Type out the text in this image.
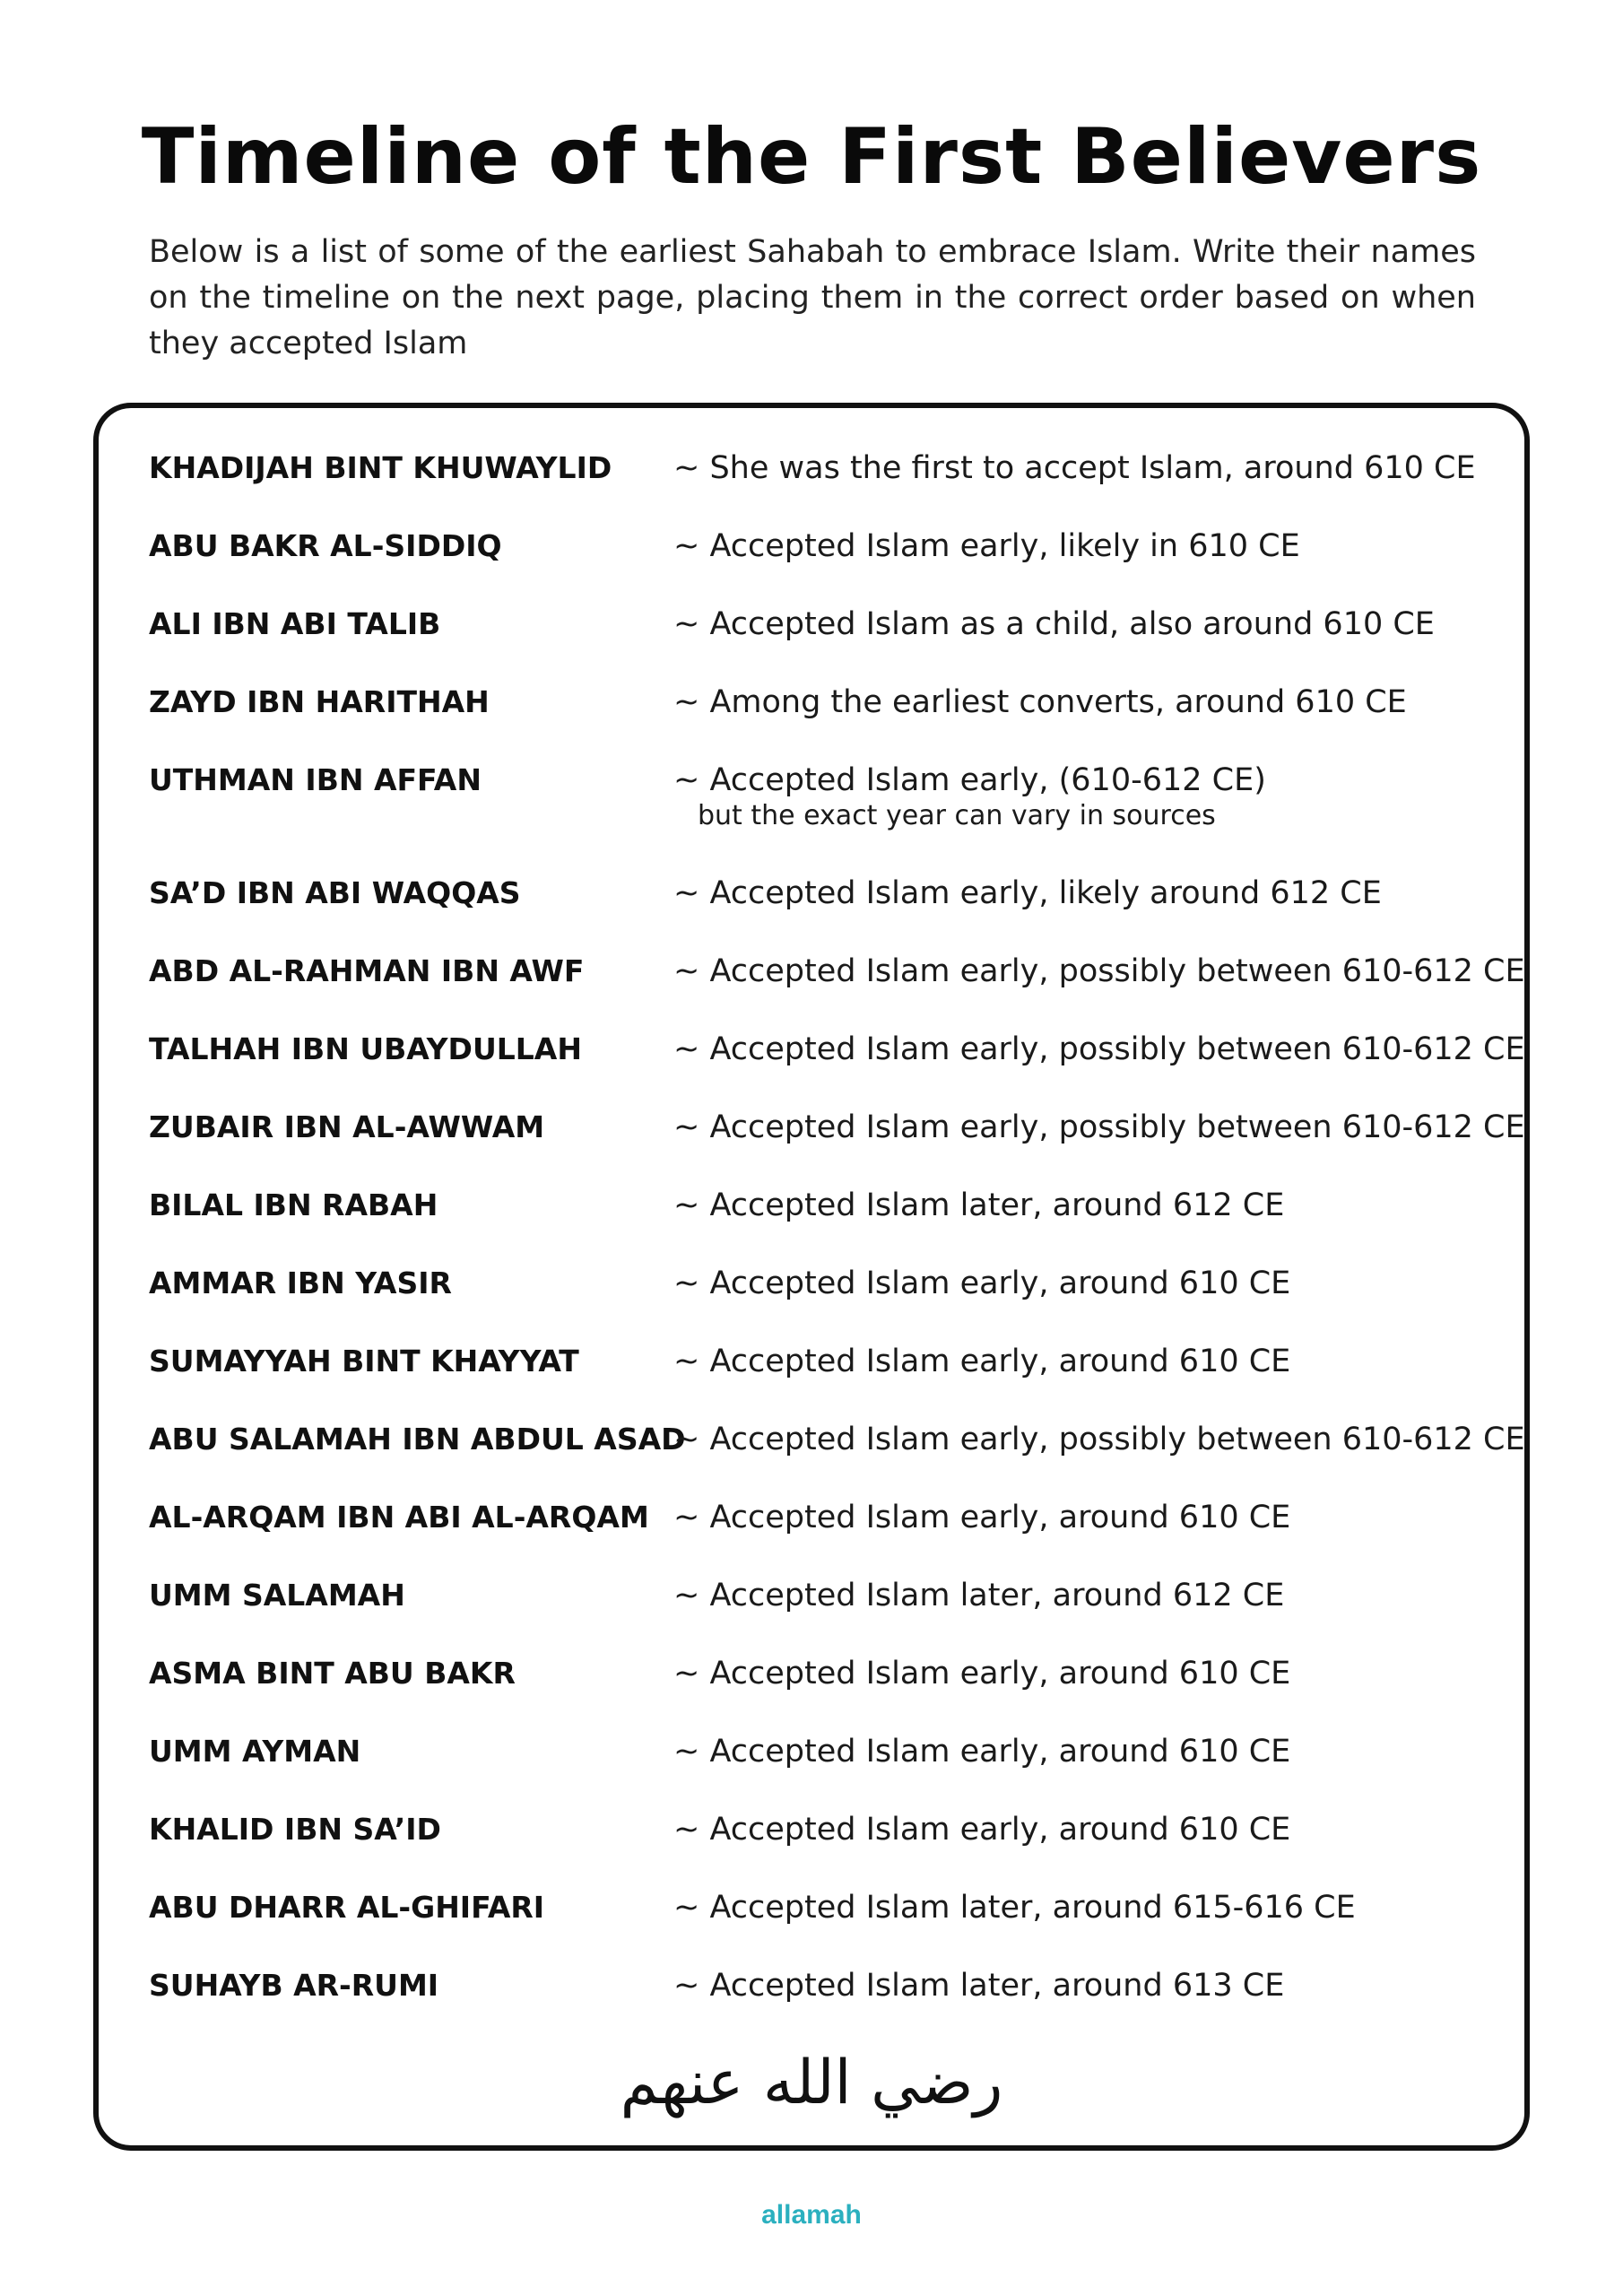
Timeline of the First Believers
Below is a list of some of the earliest Sahabah to embrace Islam. Write their names on the timeline on the next page, placing them in the correct order based on when they accepted Islam
KHADIJAH BINT KHUWAYLID	~ She was the first to accept Islam, around 610 CE
ABU BAKR AL-SIDDIQ	~ Accepted Islam early, likely in 610 CE
ALI IBN ABI TALIB	~ Accepted Islam as a child, also around 610 CE
ZAYD IBN HARITHAH	~ Among the earliest converts, around 610 CE
UTHMAN IBN AFFAN	~ Accepted Islam early, (610-612 CE)
but the exact year can vary in sources
SA’D IBN ABI WAQQAS	~ Accepted Islam early, likely around 612 CE
ABD AL-RAHMAN IBN AWF	~ Accepted Islam early, possibly between 610-612 CE
TALHAH IBN UBAYDULLAH	~ Accepted Islam early, possibly between 610-612 CE
ZUBAIR IBN AL-AWWAM	~ Accepted Islam early, possibly between 610-612 CE
BILAL IBN RABAH	~ Accepted Islam later, around 612 CE
AMMAR IBN YASIR	~ Accepted Islam early, around 610 CE
SUMAYYAH BINT KHAYYAT	~ Accepted Islam early, around 610 CE
ABU SALAMAH IBN ABDUL ASAD
~ Accepted Islam early, possibly between 610-612 CE
AL-ARQAM IBN ABI AL-ARQAM ~ Accepted Islam early, around 610 CE
UMM SALAMAH	~ Accepted Islam later, around 612 CE
ASMA BINT ABU BAKR	~ Accepted Islam early, around 610 CE
UMM AYMAN	~ Accepted Islam early, around 610 CE
KHALID IBN SA’ID	~ Accepted Islam early, around 610 CE
ABU DHARR AL-GHIFARI	~ Accepted Islam later, around 615-616 CE
SUHAYB AR-RUMI	~ Accepted Islam later, around 613 CE
رضي الله عنهم
allamah
